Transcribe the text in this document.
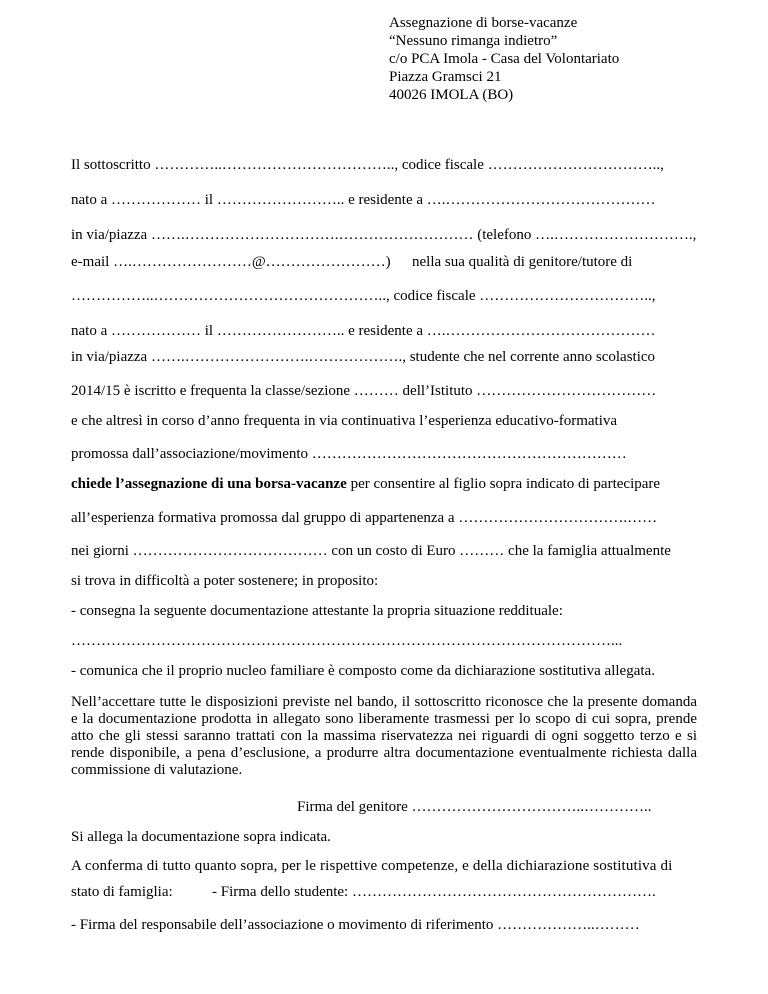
Assegnazione di borse-vacanze
“Nessuno rimanga indietro”
c/o PCA Imola - Casa del Volontariato
Piazza Gramsci 21
40026 IMOLA (BO)
Il sottoscritto …………..…………………………….., codice fiscale ……………………………..,
nato a ……………… il …………………….. e residente a ….……………………………………
in via/piazza …….………………………….……………………… (telefono ….……………………….,
e-mail ….……………………@……………………) nella sua qualità di genitore/tutore di
……………..……………………………………….., codice fiscale ……………………………..,
nato a ……………… il …………………….. e residente a ….……………………………………
in via/piazza …….…………………….………………., studente che nel corrente anno scolastico
2014/15 è iscritto e frequenta la classe/sezione ……… dell’Istituto ………………………………
e che altresì in corso d’anno frequenta in via continuativa l’esperienza educativo-formativa
promossa dall’associazione/movimento ………………………………………………………
chiede l’assegnazione di una borsa-vacanze per consentire al figlio sopra indicato di partecipare
all’esperienza formativa promossa dal gruppo di appartenenza a …………………………….……
nei giorni ………………………………… con un costo di Euro ……… che la famiglia attualmente
si trova in difficoltà a poter sostenere; in proposito:
- consegna la seguente documentazione attestante la propria situazione reddituale:
………………………………………………………………………………………………...
- comunica che il proprio nucleo familiare è composto come da dichiarazione sostitutiva allegata.
Nell’accettare tutte le disposizioni previste nel bando, il sottoscritto riconosce che la presente domanda e la documentazione prodotta in allegato sono liberamente trasmessi per lo scopo di cui sopra, prende atto che gli stessi saranno trattati con la massima riservatezza nei riguardi di ogni soggetto terzo e si rende disponibile, a pena d’esclusione, a produrre altra documentazione eventualmente richiesta dalla commissione di valutazione.
Firma del genitore ……………………………..…………..
Si allega la documentazione sopra indicata.
A conferma di tutto quanto sopra, per le rispettive competenze, e della dichiarazione sostitutiva di
stato di famiglia:	- Firma dello studente: …………………………………………………….
- Firma del responsabile dell’associazione o movimento di riferimento ………………..………
